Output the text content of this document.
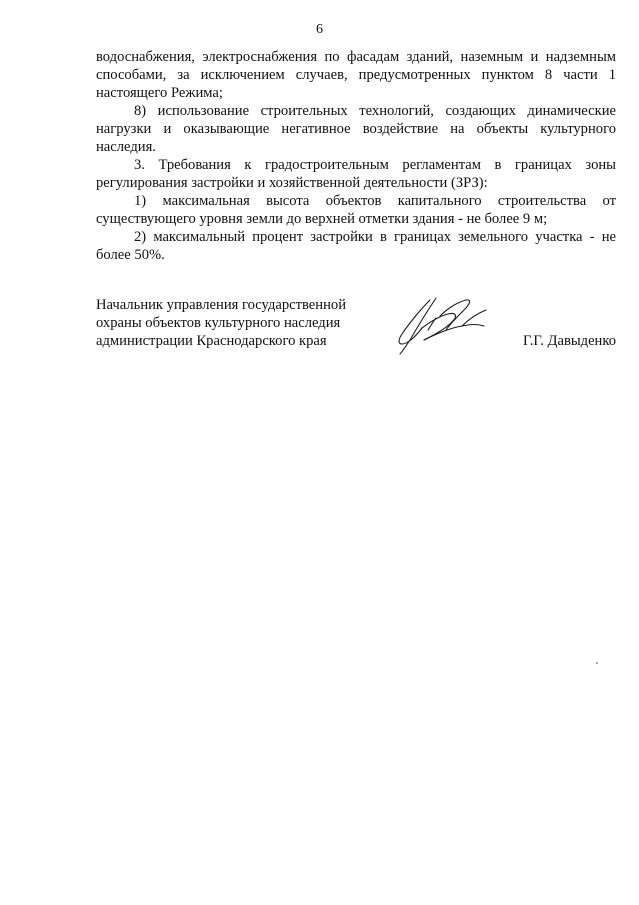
6

водоснабжения, электроснабжения по фасадам зданий, наземным и надземным способами, за исключением случаев, предусмотренных пунктом 8 части 1 настоящего Режима;

8) использование строительных технологий, создающих динамические нагрузки и оказывающие негативное воздействие на объекты культурного наследия.

3. Требования к градостроительным регламентам в границах зоны регулирования застройки и хозяйственной деятельности (ЗРЗ):

1) максимальная высота объектов капитального строительства от существующего уровня земли до верхней отметки здания - не более 9 м;

2) максимальный процент застройки в границах земельного участка - не более 50%.

Начальник управления государственной
охраны объектов культурного наследия
администрации Краснодарского края	Г.Г. Давыденко
